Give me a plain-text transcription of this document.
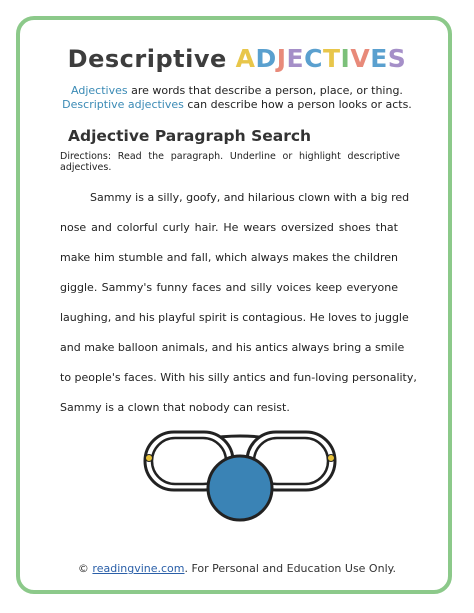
Descriptive ADJECTIVES
Adjectives are words that describe a person, place, or thing.
Descriptive adjectives can describe how a person looks or acts.
Adjective Paragraph Search
Directions: Read the paragraph. Underline or highlight descriptive adjectives.
Sammy is a silly, goofy, and hilarious clown with a big red
nose and colorful curly hair. He wears oversized shoes that
make him stumble and fall, which always makes the children
giggle. Sammy's funny faces and silly voices keep everyone
laughing, and his playful spirit is contagious. He loves to juggle
and make balloon animals, and his antics always bring a smile
to people's faces. With his silly antics and fun-loving personality,
Sammy is a clown that nobody can resist.
© readingvine.com. For Personal and Education Use Only.
